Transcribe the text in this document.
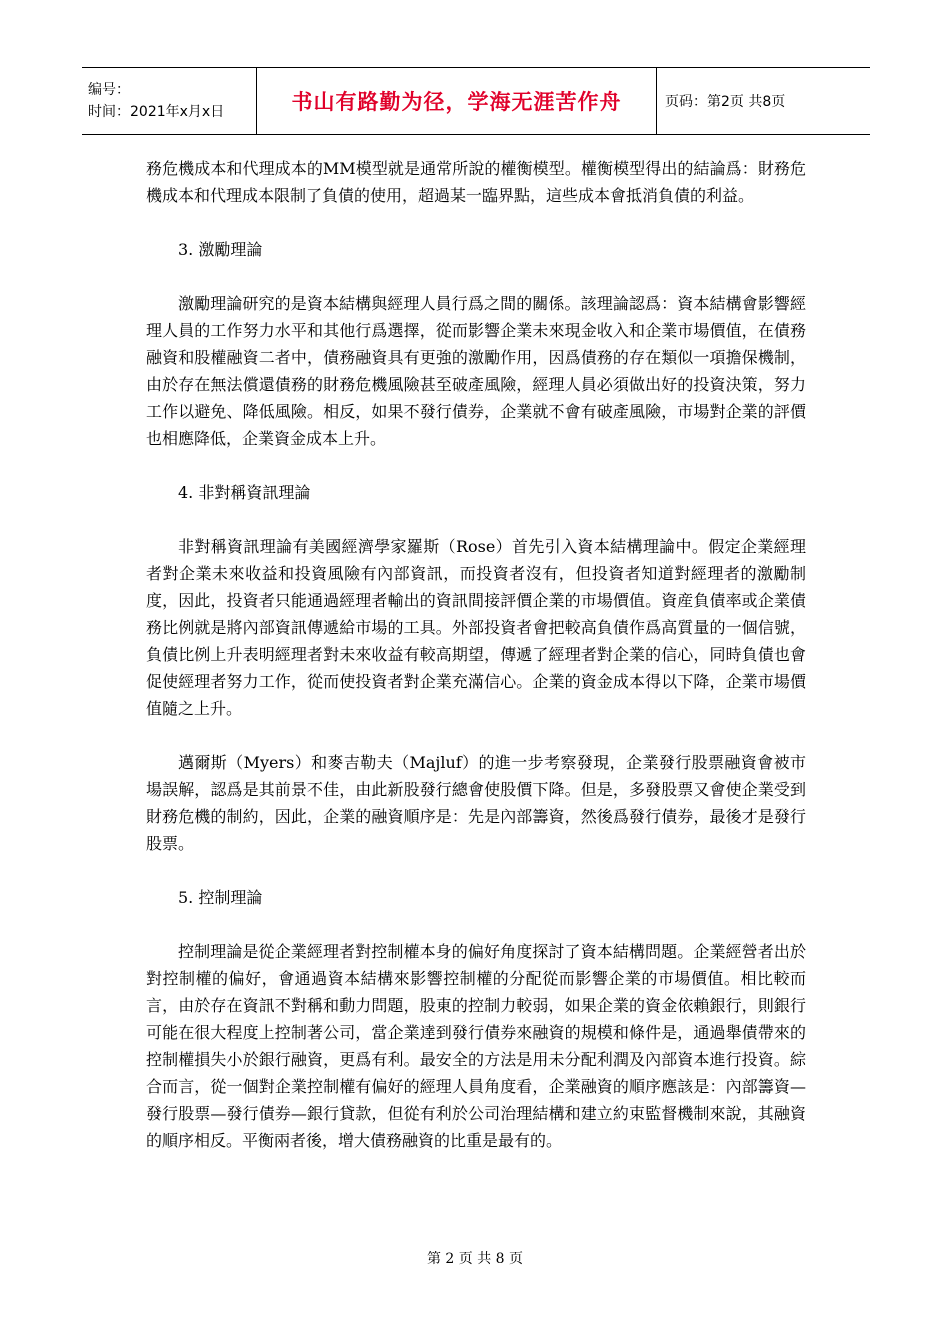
编号：
时间：2021年x月x日	书山有路勤为径，学海无涯苦作舟	页码：第2页 共8页

務危機成本和代理成本的MM模型就是通常所說的權衡模型。權衡模型得出的結論爲：財務危機成本和代理成本限制了負債的使用，超過某一臨界點，這些成本會抵消負債的利益。

3. 激勵理論

激勵理論研究的是資本結構與經理人員行爲之間的關係。該理論認爲：資本結構會影響經理人員的工作努力水平和其他行爲選擇，從而影響企業未來現金收入和企業市場價值，在債務融資和股權融資二者中，債務融資具有更強的激勵作用，因爲債務的存在類似一項擔保機制，由於存在無法償還債務的財務危機風險甚至破產風險，經理人員必須做出好的投資決策，努力工作以避免、降低風險。相反，如果不發行債券，企業就不會有破產風險，市場對企業的評價也相應降低，企業資金成本上升。

4. 非對稱資訊理論

非對稱資訊理論有美國經濟學家羅斯（Rose）首先引入資本結構理論中。假定企業經理者對企業未來收益和投資風險有內部資訊，而投資者沒有，但投資者知道對經理者的激勵制度，因此，投資者只能通過經理者輸出的資訊間接評價企業的市場價值。資産負債率或企業債務比例就是將內部資訊傳遞給市場的工具。外部投資者會把較高負債作爲高質量的一個信號，負債比例上升表明經理者對未來收益有較高期望，傳遞了經理者對企業的信心，同時負債也會促使經理者努力工作，從而使投資者對企業充滿信心。企業的資金成本得以下降，企業市場價值隨之上升。

邁爾斯（Myers）和麥吉勒夫（Majluf）的進一步考察發現，企業發行股票融資會被市場誤解，認爲是其前景不佳，由此新股發行總會使股價下降。但是，多發股票又會使企業受到財務危機的制約，因此，企業的融資順序是：先是內部籌資，然後爲發行債券，最後才是發行股票。

5. 控制理論

控制理論是從企業經理者對控制權本身的偏好角度探討了資本結構問題。企業經營者出於對控制權的偏好，會通過資本結構來影響控制權的分配從而影響企業的市場價值。相比較而言，由於存在資訊不對稱和動力問題，股東的控制力較弱，如果企業的資金依賴銀行，則銀行可能在很大程度上控制著公司，當企業達到發行債券來融資的規模和條件是，通過舉債帶來的控制權損失小於銀行融資，更爲有利。最安全的方法是用未分配利潤及內部資本進行投資。綜合而言，從一個對企業控制權有偏好的經理人員角度看，企業融資的順序應該是：內部籌資—發行股票—發行債券—銀行貸款，但從有利於公司治理結構和建立約束監督機制來說，其融資的順序相反。平衡兩者後，增大債務融資的比重是最有的。

第 2 页 共 8 页
